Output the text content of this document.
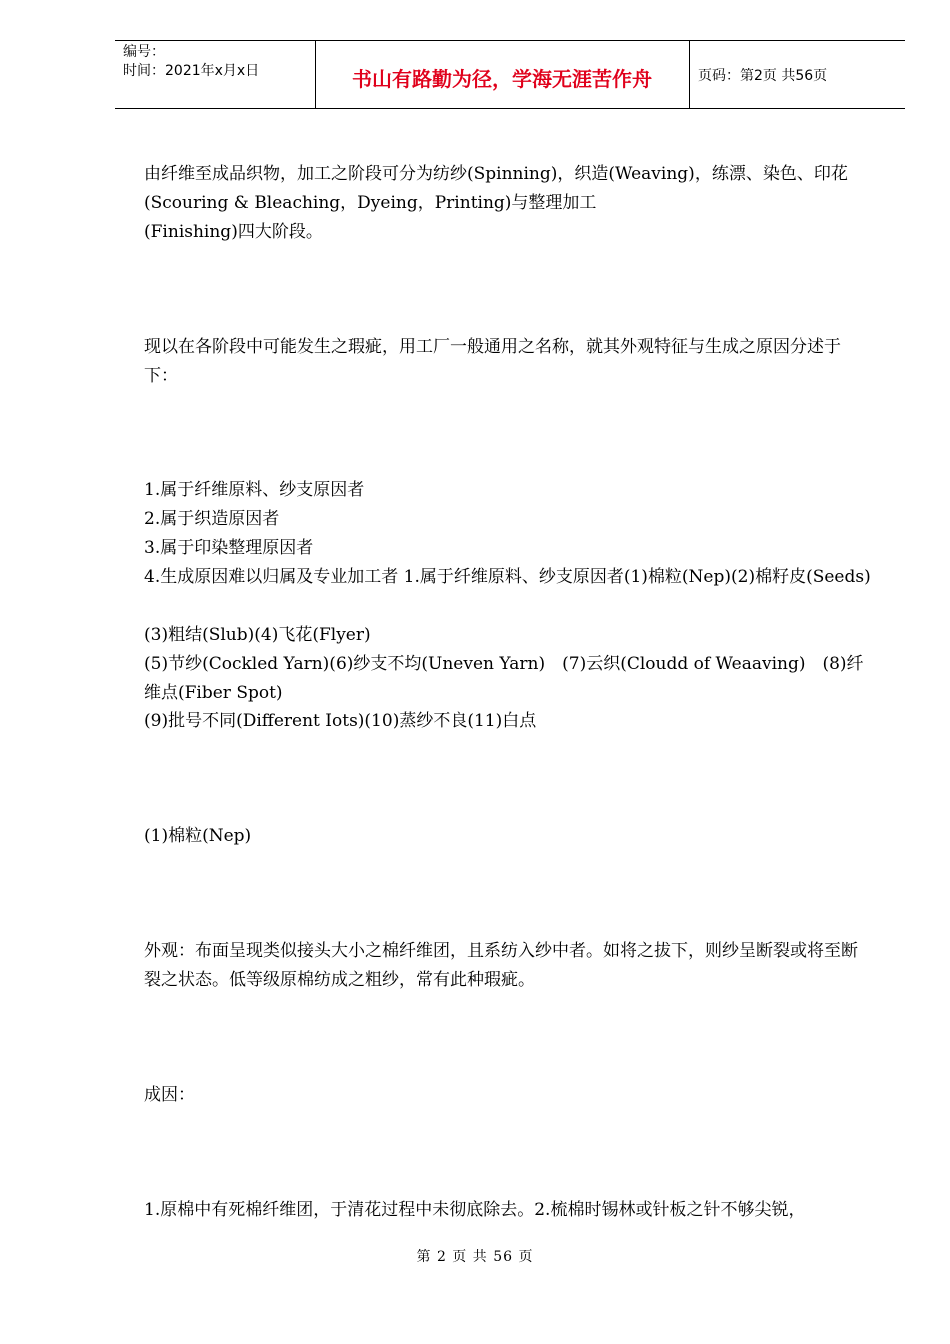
编号：
时间：2021年x月x日	书山有路勤为径，学海无涯苦作舟	页码：第2页 共56页

由纤维至成品织物，加工之阶段可分为纺纱(Spinning)，织造(Weaving)，练漂、染色、印花(Scouring & Bleaching，Dyeing，Printing)与整理加工

(Finishing)四大阶段。

现以在各阶段中可能发生之瑕疵，用工厂一般通用之名称，就其外观特征与生成之原因分述于下：

1.属于纤维原料、纱支原因者

2.属于织造原因者

3.属于印染整理原因者

4.生成原因难以归属及专业加工者 1.属于纤维原料、纱支原因者(1)棉粒(Nep)(2)棉籽皮(Seeds)

(3)粗结(Slub)(4)飞花(Flyer)

(5)节纱(Cockled Yarn)(6)纱支不均(Uneven Yarn)　(7)云织(Cloudd of Weaaving)　(8)纤维点(Fiber Spot)

(9)批号不同(Different Iots)(10)蒸纱不良(11)白点

(1)棉粒(Nep)

外观：布面呈现类似接头大小之棉纤维团，且系纺入纱中者。如将之拔下，则纱呈断裂或将至断裂之状态。低等级原棉纺成之粗纱，常有此种瑕疵。

成因：

1.原棉中有死棉纤维团，于清花过程中未彻底除去。2.梳棉时锡林或针板之针不够尖锐，

第 2 页 共 56 页
